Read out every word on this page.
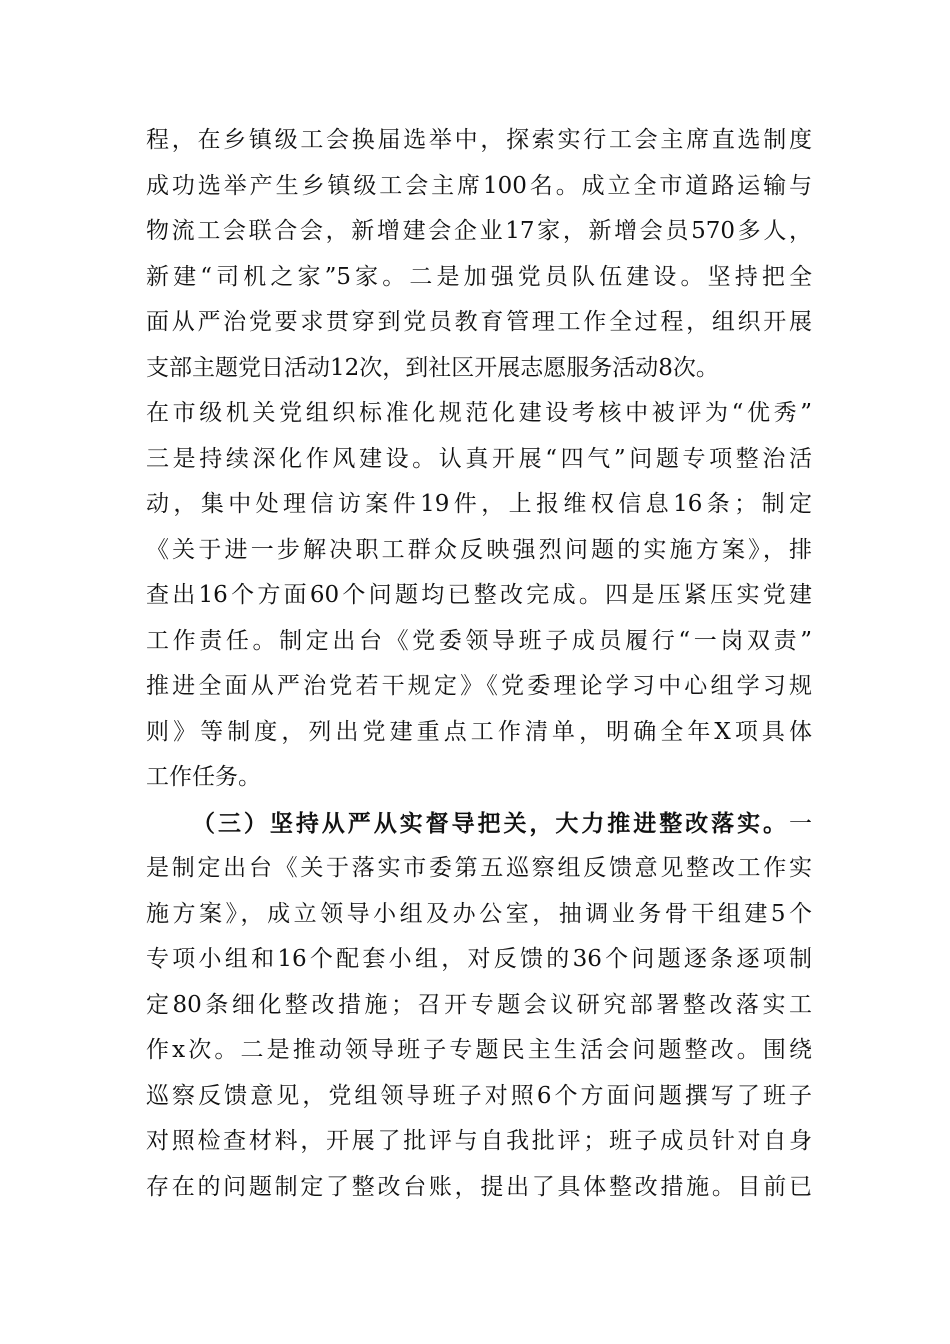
程，在乡镇级工会换届选举中，探索实行工会主席直选制度
成功选举产生乡镇级工会主席100名。成立全市道路运输与
物流工会联合会，新增建会企业17家，新增会员570多人，
新建“司机之家”5家。二是加强党员队伍建设。坚持把全
面从严治党要求贯穿到党员教育管理工作全过程，组织开展
支部主题党日活动12次，到社区开展志愿服务活动8次。
在市级机关党组织标准化规范化建设考核中被评为“优秀”
三是持续深化作风建设。认真开展“四气”问题专项整治活
动，集中处理信访案件19件，上报维权信息16条；制定
《关于进一步解决职工群众反映强烈问题的实施方案》，排
查出16个方面60个问题均已整改完成。四是压紧压实党建
工作责任。制定出台《党委领导班子成员履行“一岗双责”
推进全面从严治党若干规定》《党委理论学习中心组学习规
则》等制度，列出党建重点工作清单，明确全年X项具体
工作任务。
（三）坚持从严从实督导把关，大力推进整改落实。一
是制定出台《关于落实市委第五巡察组反馈意见整改工作实
施方案》，成立领导小组及办公室，抽调业务骨干组建5个
专项小组和16个配套小组，对反馈的36个问题逐条逐项制
定80条细化整改措施；召开专题会议研究部署整改落实工
作x次。二是推动领导班子专题民主生活会问题整改。围绕
巡察反馈意见，党组领导班子对照6个方面问题撰写了班子
对照检查材料，开展了批评与自我批评；班子成员针对自身
存在的问题制定了整改台账，提出了具体整改措施。目前已
